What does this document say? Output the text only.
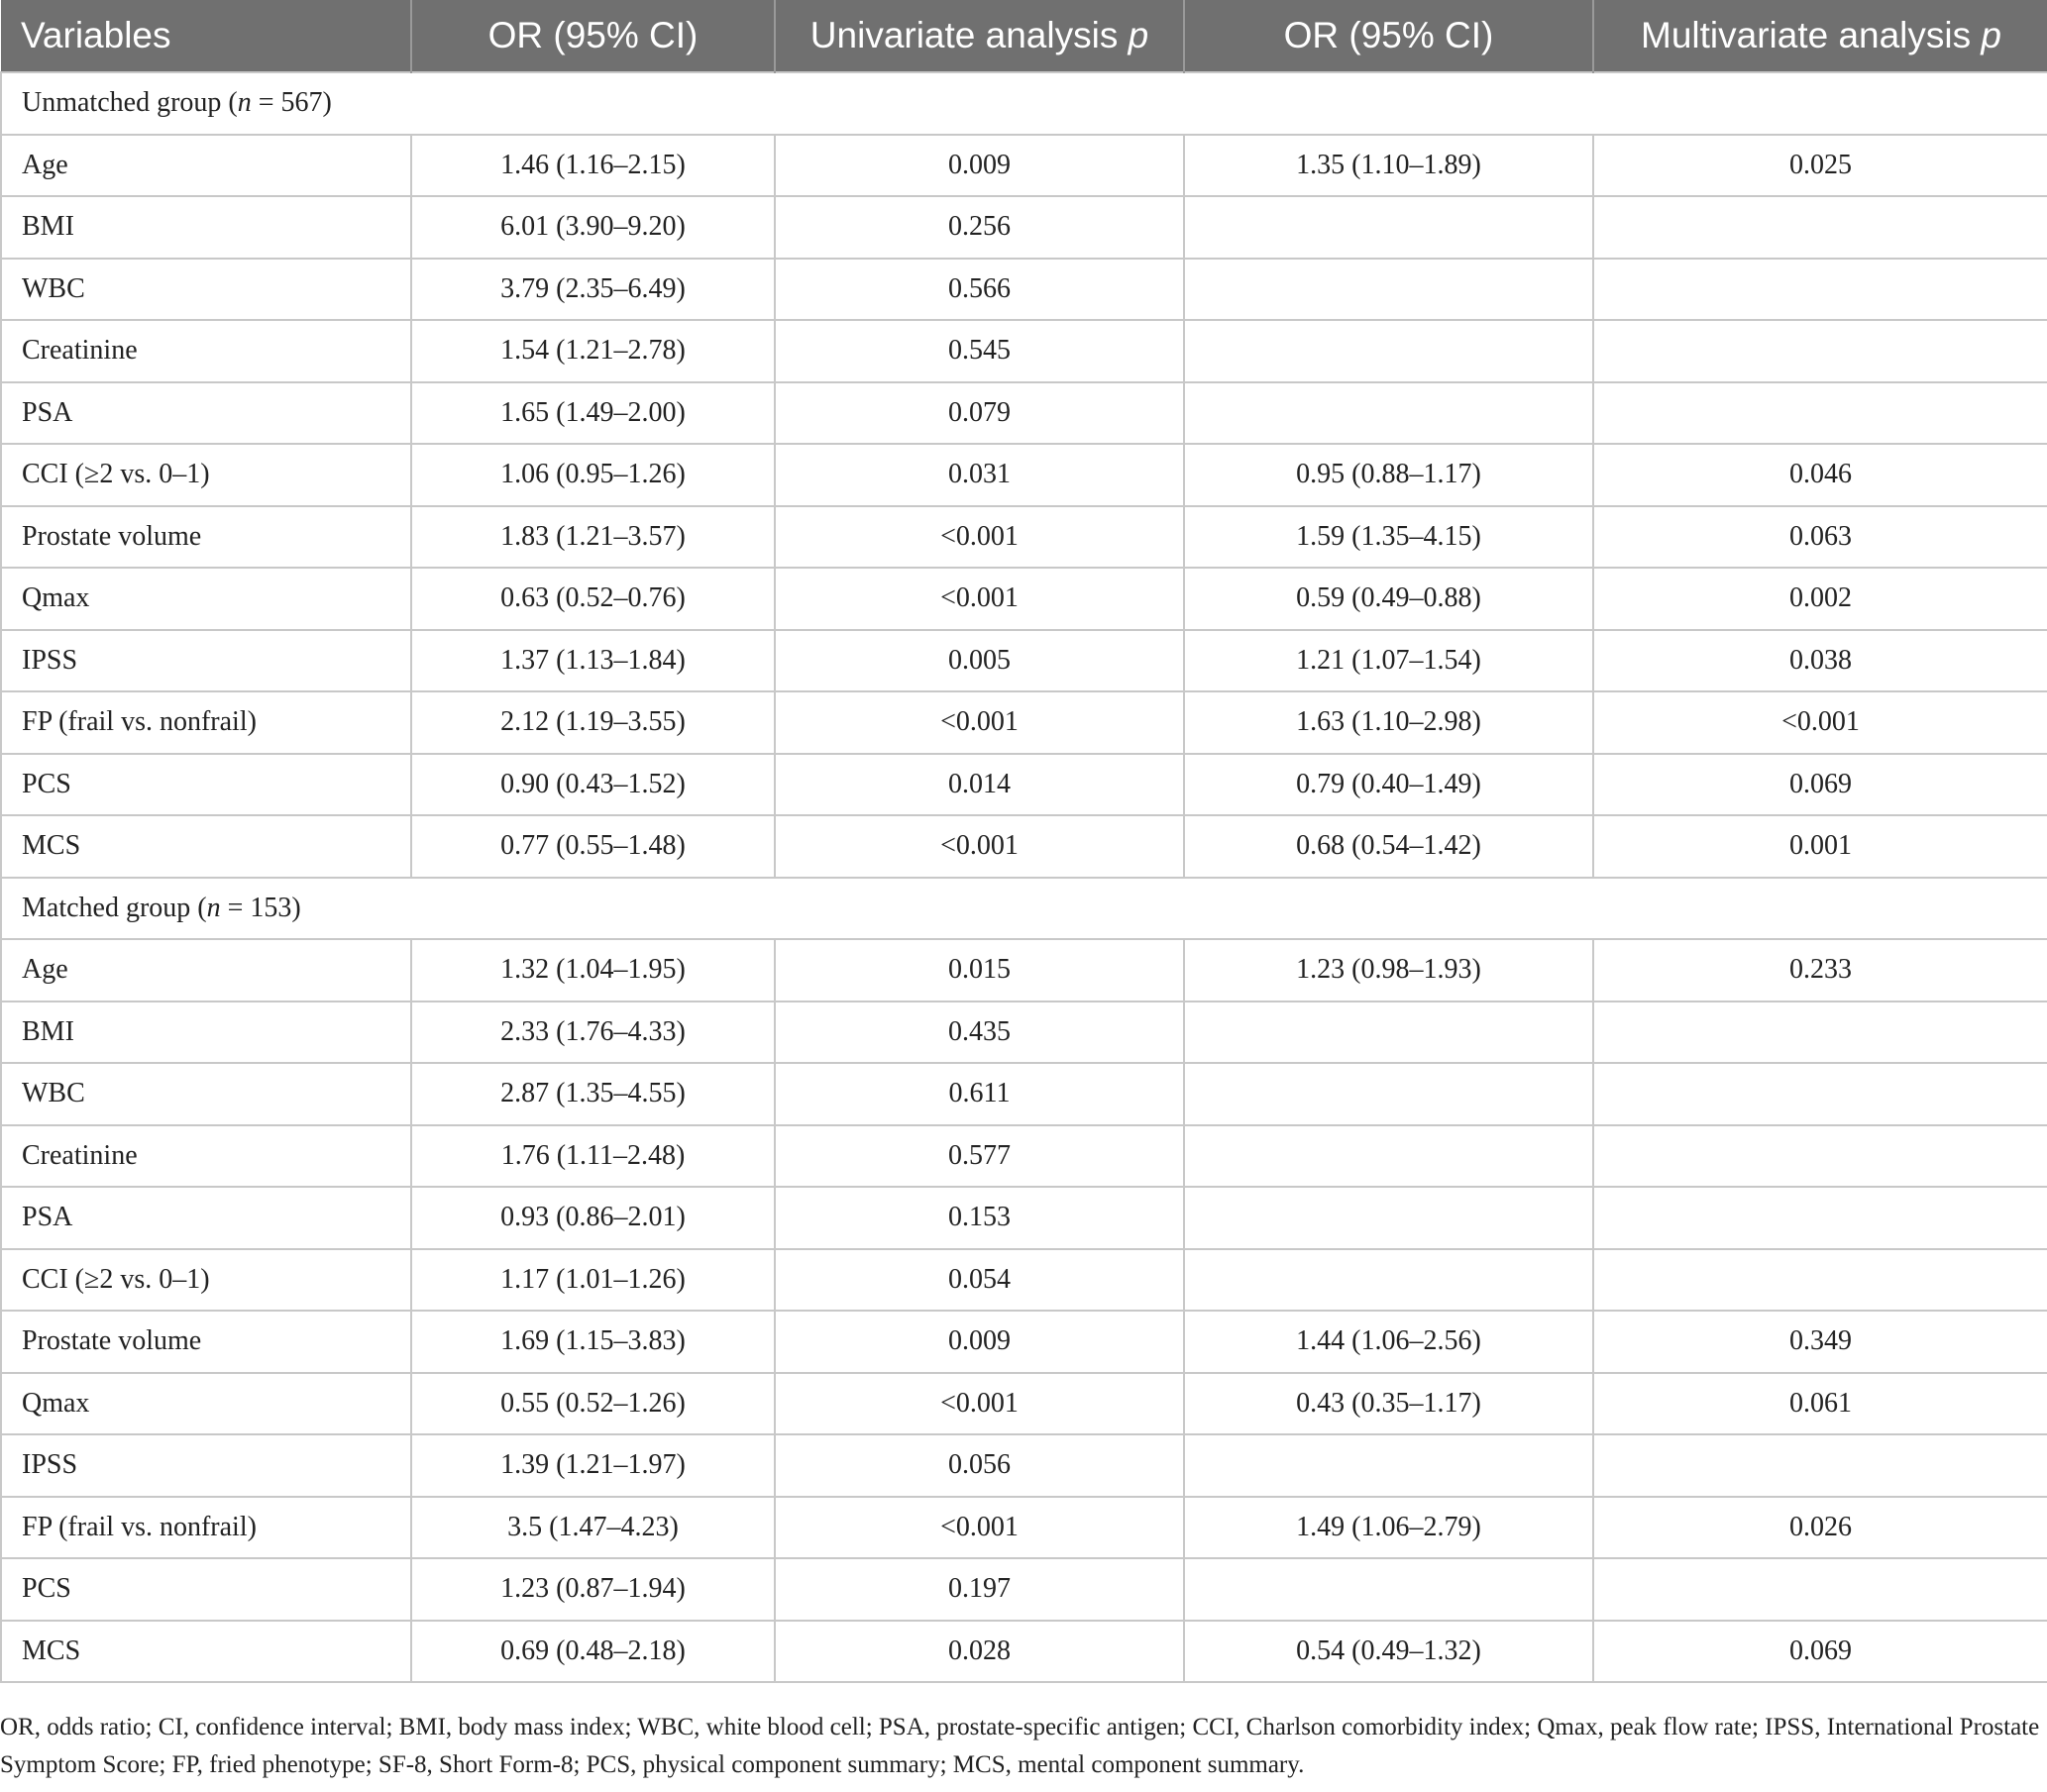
Variables	OR (95% CI)	Univariate analysis p	OR (95% CI)	Multivariate analysis p
Unmatched group (n = 567)				
Age	1.46 (1.16–2.15)	0.009	1.35 (1.10–1.89)	0.025
BMI	6.01 (3.90–9.20)	0.256		
WBC	3.79 (2.35–6.49)	0.566		
Creatinine	1.54 (1.21–2.78)	0.545		
PSA	1.65 (1.49–2.00)	0.079		
CCI (≥2 vs. 0–1)	1.06 (0.95–1.26)	0.031	0.95 (0.88–1.17)	0.046
Prostate volume	1.83 (1.21–3.57)	<0.001	1.59 (1.35–4.15)	0.063
Qmax	0.63 (0.52–0.76)	<0.001	0.59 (0.49–0.88)	0.002
IPSS	1.37 (1.13–1.84)	0.005	1.21 (1.07–1.54)	0.038
FP (frail vs. nonfrail)	2.12 (1.19–3.55)	<0.001	1.63 (1.10–2.98)	<0.001
PCS	0.90 (0.43–1.52)	0.014	0.79 (0.40–1.49)	0.069
MCS	0.77 (0.55–1.48)	<0.001	0.68 (0.54–1.42)	0.001
Matched group (n = 153)				
Age	1.32 (1.04–1.95)	0.015	1.23 (0.98–1.93)	0.233
BMI	2.33 (1.76–4.33)	0.435		
WBC	2.87 (1.35–4.55)	0.611		
Creatinine	1.76 (1.11–2.48)	0.577		
PSA	0.93 (0.86–2.01)	0.153		
CCI (≥2 vs. 0–1)	1.17 (1.01–1.26)	0.054		
Prostate volume	1.69 (1.15–3.83)	0.009	1.44 (1.06–2.56)	0.349
Qmax	0.55 (0.52–1.26)	<0.001	0.43 (0.35–1.17)	0.061
IPSS	1.39 (1.21–1.97)	0.056		
FP (frail vs. nonfrail)	3.5 (1.47–4.23)	<0.001	1.49 (1.06–2.79)	0.026
PCS	1.23 (0.87–1.94)	0.197		
MCS	0.69 (0.48–2.18)	0.028	0.54 (0.49–1.32)	0.069
OR, odds ratio; CI, confidence interval; BMI, body mass index; WBC, white blood cell; PSA, prostate-specific antigen; CCI, Charlson comorbidity index; Qmax, peak flow rate; IPSS, International Prostate Symptom Score; FP, fried phenotype; SF-8, Short Form-8; PCS, physical component summary; MCS, mental component summary.
